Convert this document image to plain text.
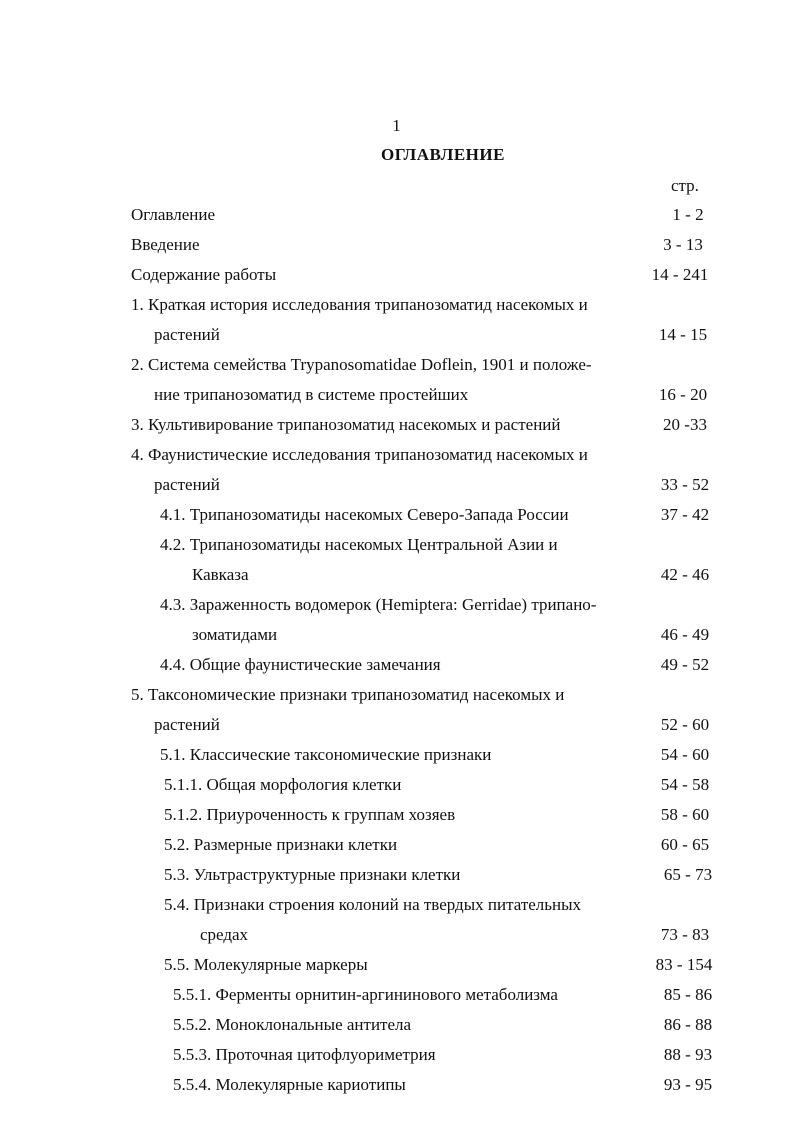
1
ОГЛАВЛЕНИЕ
стр.
Оглавление	1 - 2
Введение	3 - 13
Содержание работы	14 - 241
1. Краткая история исследования трипанозоматид насекомых и
растений	14 - 15
2. Система семейства Trypanosomatidae Doflein, 1901 и положе-
ние трипанозоматид в системе простейших	16 - 20
3. Культивирование трипанозоматид насекомых и растений	20 -33
4. Фаунистические исследования трипанозоматид насекомых и
растений	33 - 52
4.1. Трипанозоматиды насекомых Северо-Запада России	37 - 42
4.2. Трипанозоматиды насекомых Центральной Азии и
Кавказа	42 - 46
4.3. Зараженность водомерок (Hemiptera: Gerridae) трипано-
зоматидами	46 - 49
4.4. Общие фаунистические замечания	49 - 52
5. Таксономические признаки трипанозоматид насекомых и
растений	52 - 60
5.1. Классические таксономические признаки	54 - 60
5.1.1. Общая морфология клетки	54 - 58
5.1.2. Приуроченность к группам хозяев	58 - 60
5.2. Размерные признаки клетки	60 - 65
5.3. Ультраструктурные признаки клетки	65 - 73
5.4. Признаки строения колоний на твердых питательных
средах	73 - 83
5.5. Молекулярные маркеры	83 - 154
5.5.1. Ферменты орнитин-аргининового метаболизма	85 - 86
5.5.2. Моноклональные антитела	86 - 88
5.5.3. Проточная цитофлуориметрия	88 - 93
5.5.4. Молекулярные кариотипы	93 - 95
